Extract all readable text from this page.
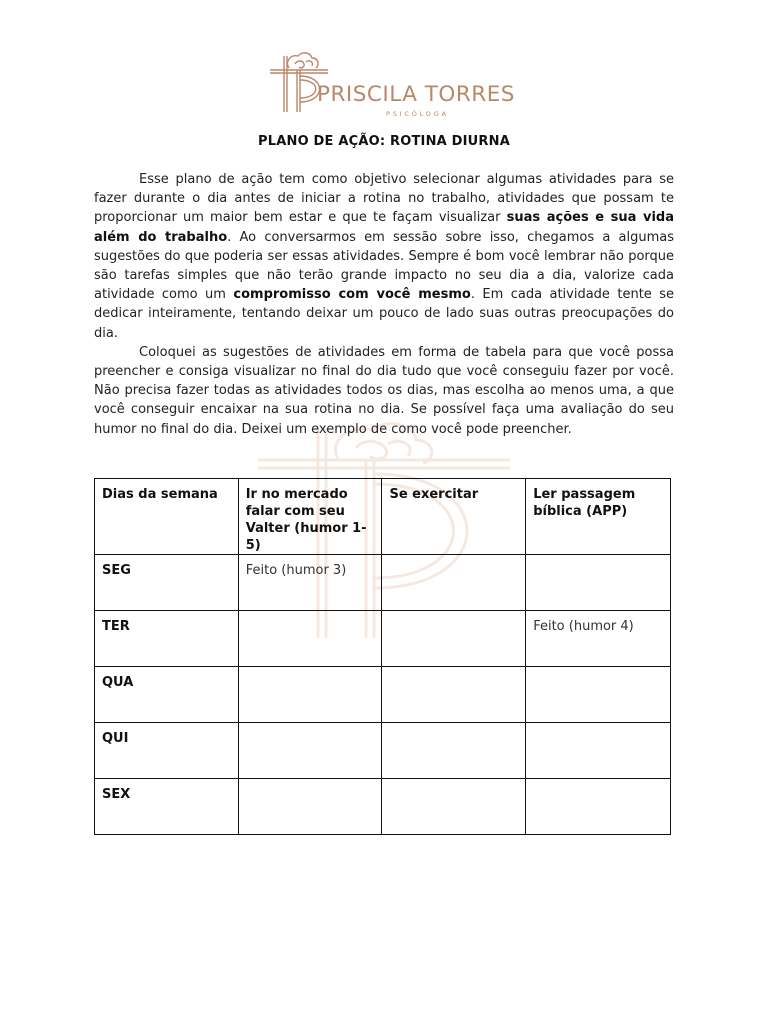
PRISCILA TORRES
PSICÓLOGA
PLANO DE AÇÃO: ROTINA DIURNA

Esse plano de ação tem como objetivo selecionar algumas atividades para se fazer durante o dia antes de iniciar a rotina no trabalho, atividades que possam te proporcionar um maior bem estar e que te façam visualizar suas ações e sua vida além do trabalho. Ao conversarmos em sessão sobre isso, chegamos a algumas sugestões do que poderia ser essas atividades. Sempre é bom você lembrar não porque são tarefas simples que não terão grande impacto no seu dia a dia, valorize cada atividade como um compromisso com você mesmo. Em cada atividade tente se dedicar inteiramente, tentando deixar um pouco de lado suas outras preocupações do dia.

Coloquei as sugestões de atividades em forma de tabela para que você possa preencher e consiga visualizar no final do dia tudo que você conseguiu fazer por você. Não precisa fazer todas as atividades todos os dias, mas escolha ao menos uma, a que você conseguir encaixar na sua rotina no dia. Se possível faça uma avaliação do seu humor no final do dia. Deixei um exemplo de como você pode preencher.

Dias da semana	Ir no mercado falar com seu Valter (humor 1-5)	Se exercitar	Ler passagem bíblica (APP)
SEG	Feito (humor 3)		
TER			Feito (humor 4)
QUA			
QUI			
SEX			
